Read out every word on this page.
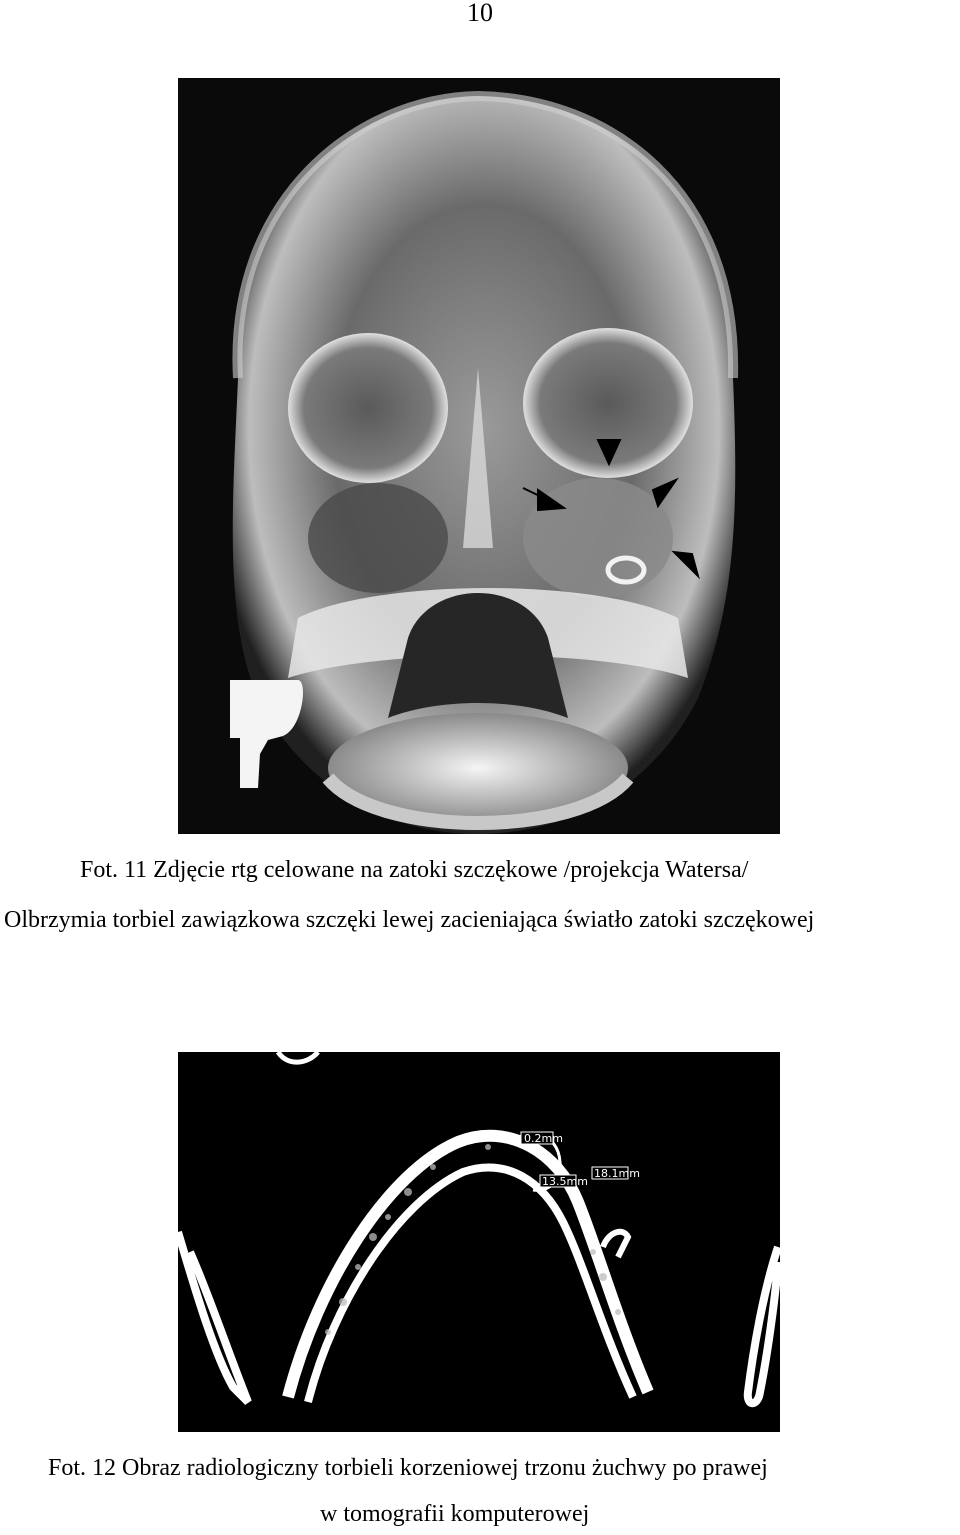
10
Fot. 11 Zdjęcie rtg celowane na zatoki szczękowe /projekcja Watersa/
Olbrzymia torbiel zawiązkowa szczęki lewej zacieniająca światło zatoki szczękowej
0.2mm
18.1mm
13.5mm
Fot. 12 Obraz radiologiczny torbieli korzeniowej trzonu żuchwy po prawej
w tomografii komputerowej
